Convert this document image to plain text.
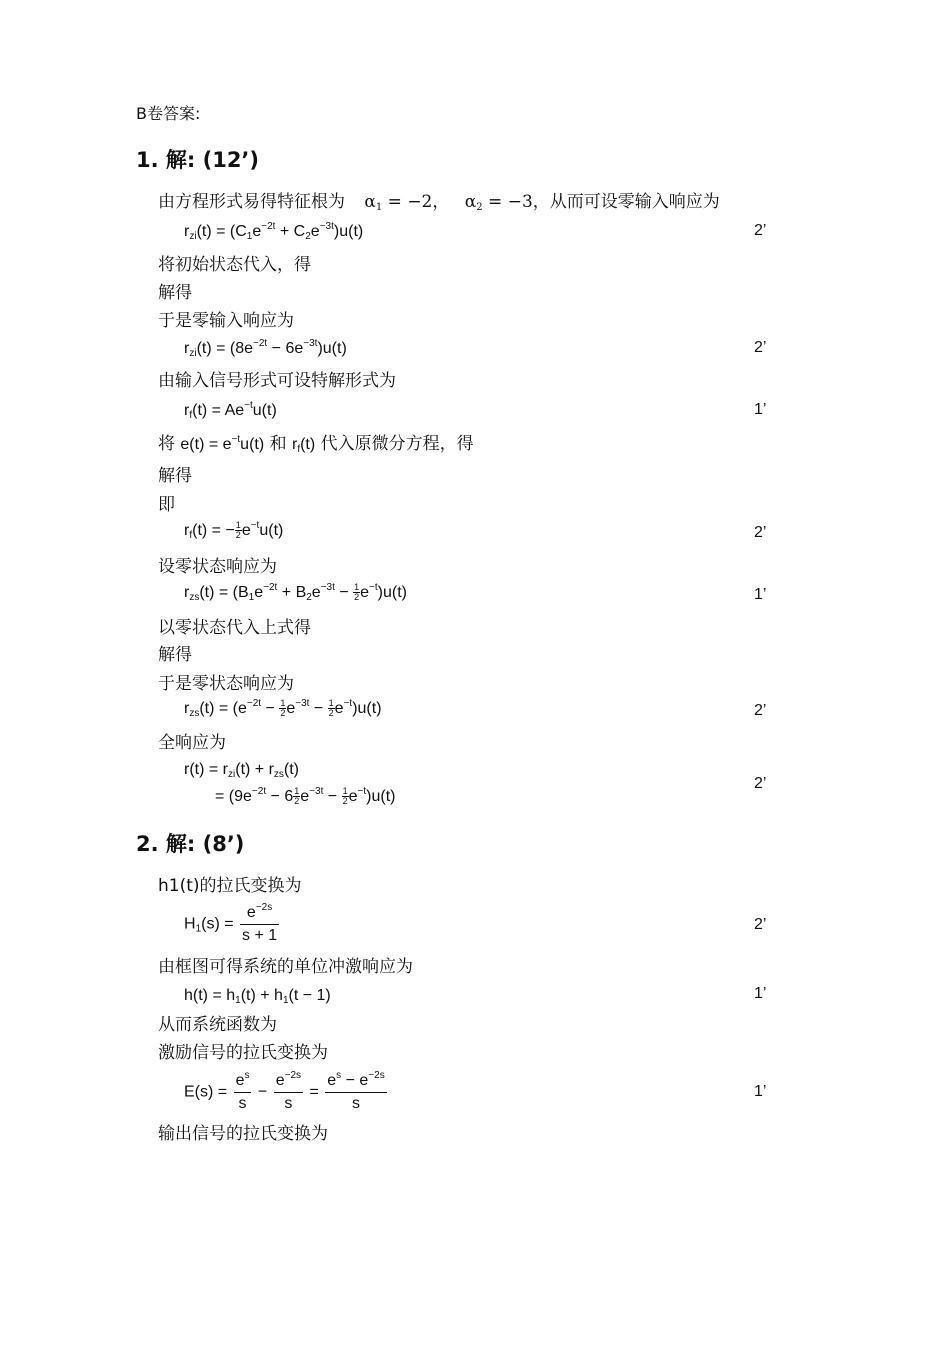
B卷答案:
1. 解: (12’)
由方程形式易得特征根为 $\alpha_1 = -2$， $\alpha_2 = -3$，从而可设零输入响应为
$r_{zi}(t) = (C_1e^{-2t} + C_2e^{-3t})u(t)$	2’
将初始状态代入，得
解得
于是零输入响应为
$r_{zi}(t) = (8e^{-2t} - 6e^{-3t})u(t)$	2’
由输入信号形式可设特解形式为
$r_f(t) = Ae^{-t}u(t)$	1’
将 $e(t) = e^{-t}u(t)$ 和 $r_f(t)$ 代入原微分方程，得
解得
即
$r_f(t)$ = − $\frac{1}{2} e^{-t}u(t)$	2’
设零状态响应为
$r_{zs}(t) = (B_1e^{-2t} + B_2e^{-3t} - \frac{1}{2} e^{-t})u(t)$	1’
以零状态代入上式得
解得
于是零状态响应为
$r_{zs}(t) = (e^{-2t} - \frac{1}{2} e^{-3t} - \frac{1}{2} e^{-t})u(t)$	2’
全响应为
$r(t) = r_{zi}(t) + r_{zs}(t)$
= $(9e^{-2t} - 6 \frac{1}{2} e^{-3t} - \frac{1}{2} e^{-t})u(t)$
2’
2. 解: (8’)
h1(t)的拉氏变换为
$H_1(s) = \frac{e^{-2s}}{s + 1}$	2’
由框图可得系统的单位冲激响应为
$h(t) = h_1(t) + h_1(t - 1)$	1’
从而系统函数为
激励信号的拉氏变换为
$E(s) = \frac{e^s}{s} - \frac{e^{-2s}}{s} = \frac{e^s - e^{-2s}}{s}$	1’
输出信号的拉氏变换为
